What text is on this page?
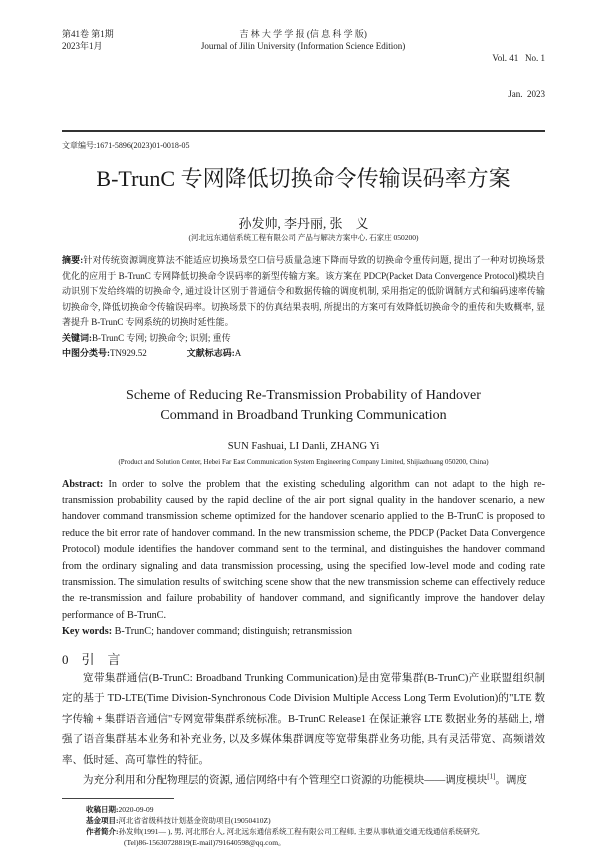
第41卷 第1期
2023年1月
吉 林 大 学 学 报 (信 息 科 学 版)
Journal of Jilin University (Information Science Edition)

Vol. 41   No. 1

Jan.  2023

文章编号:1671-5896(2023)01-0018-05
B-TrunC 专网降低切换命令传输误码率方案
孙发帅, 李丹丽, 张　义
(河北远东通信系统工程有限公司 产品与解决方案中心, 石家庄 050200)
摘要:针对传统资源调度算法不能适应切换场景空口信号质量急速下降而导致的切换命令重传问题, 提出了一种对切换场景优化的应用于 B-TrunC 专网降低切换命令误码率的新型传输方案。该方案在 PDCP(Packet Data Convergence Protocol)模块自动识别下发给终端的切换命令, 通过设计区别于普通信令和数据传输的调度机制, 采用指定的低阶调制方式和编码速率传输切换命令, 降低切换命令传输误码率。切换场景下的仿真结果表明, 所提出的方案可有效降低切换命令的重传和失败概率, 显著提升 B-TrunC 专网系统的切换时延性能。
关键词:B-TrunC 专网; 切换命令; 识别; 重传
中图分类号:TN929.52	文献标志码:A
Scheme of Reducing Re-Transmission Probability of Handover
Command in Broadband Trunking Communication
SUN Fashuai, LI Danli, ZHANG Yi
(Product and Solution Center, Hebei Far East Communication System Engineering Company Limited, Shijiazhuang 050200, China)
Abstract: In order to solve the problem that the existing scheduling algorithm can not adapt to the high re-transmission probability caused by the rapid decline of the air port signal quality in the handover scenario, a new handover command transmission scheme optimized for the handover scenario applied to the B-TrunC is proposed to reduce the bit error rate of handover command. In the new transmission scheme, the PDCP (Packet Data Convergence Protocol) module identifies the handover command sent to the terminal, and distinguishes the handover command from the ordinary signaling and data transmission processing, using the specified low-level mode and coding rate transmission. The simulation results of switching scene show that the new transmission scheme can effectively reduce the re-transmission and failure probability of handover command, and significantly improve the handover delay performance of B-TrunC.
Key words: B-TrunC; handover command; distinguish; retransmission
0　引　言
宽带集群通信(B-TrunC: Broadband Trunking Communication)是由宽带集群(B-TrunC)产业联盟组织制定的基于 TD-LTE(Time Division-Synchronous Code Division Multiple Access Long Term Evolution)的"LTE 数字传输 + 集群语音通信"专网宽带集群系统标准。B-TrunC Release1 在保证兼容 LTE 数据业务的基础上, 增强了语音集群基本业务和补充业务, 以及多媒体集群调度等宽带集群业务功能, 具有灵活带宽、高频谱效率、低时延、高可靠性的特征。
为充分利用和分配物理层的资源, 通信网络中有个管理空口资源的功能模块——调度模块[1]。调度
收稿日期:2020-09-09
基金项目:河北省省级科技计划基金资助项目(19050410Z)
作者简介:孙发帅(1991— ), 男, 河北邢台人, 河北远东通信系统工程有限公司工程师, 主要从事轨道交通无线通信系统研究,
(Tel)86-15630728819(E-mail)791640598@qq.com。
